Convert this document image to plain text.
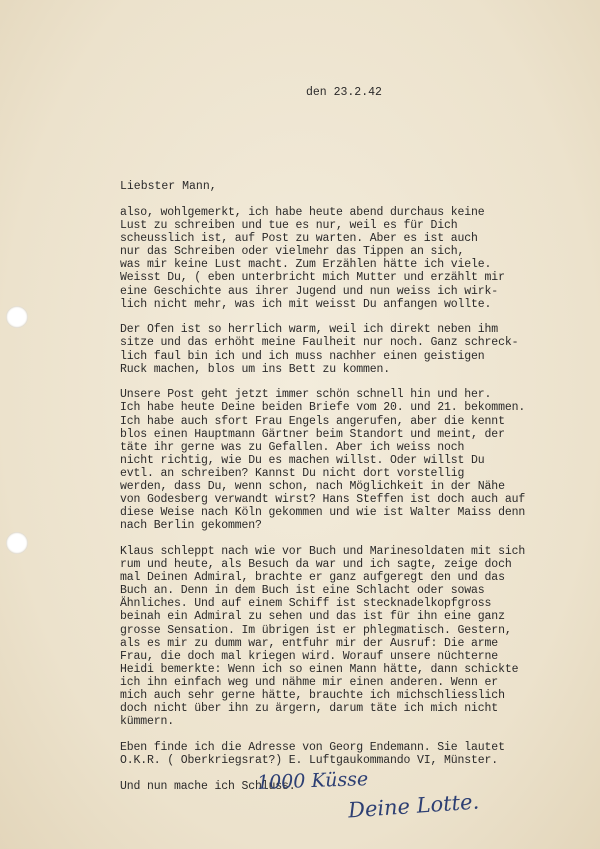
den 23.2.42
Liebster Mann,
also, wohlgemerkt, ich habe heute abend durchaus keine
Lust zu schreiben und tue es nur, weil es für Dich
scheusslich ist, auf Post zu warten. Aber es ist auch
nur das Schreiben oder vielmehr das Tippen an sich,
was mir keine Lust macht. Zum Erzählen hätte ich viele.
Weisst Du, ( eben unterbricht mich Mutter und erzählt mir
eine Geschichte aus ihrer Jugend und nun weiss ich wirk-
lich nicht mehr, was ich mit weisst Du anfangen wollte.
Der Ofen ist so herrlich warm, weil ich direkt neben ihm
sitze und das erhöht meine Faulheit nur noch. Ganz schreck-
lich faul bin ich und ich muss nachher einen geistigen
Ruck machen, blos um ins Bett zu kommen.
Unsere Post geht jetzt immer schön schnell hin und her.
Ich habe heute Deine beiden Briefe vom 20. und 21. bekommen.
Ich habe auch sfort Frau Engels angerufen, aber die kennt
blos einen Hauptmann Gärtner beim Standort und meint, der
täte ihr gerne was zu Gefallen. Aber ich weiss noch
nicht richtig, wie Du es machen willst. Oder willst Du
evtl. an schreiben? Kannst Du nicht dort vorstellig
werden, dass Du, wenn schon, nach Möglichkeit in der Nähe
von Godesberg verwandt wirst? Hans Steffen ist doch auch auf
diese Weise nach Köln gekommen und wie ist Walter Maiss denn
nach Berlin gekommen?
Klaus schleppt nach wie vor Buch und Marinesoldaten mit sich
rum und heute, als Besuch da war und ich sagte, zeige doch
mal Deinen Admiral, brachte er ganz aufgeregt den und das
Buch an. Denn in dem Buch ist eine Schlacht oder sowas
Ähnliches. Und auf einem Schiff ist stecknadelkopfgross
beinah ein Admiral zu sehen und das ist für ihn eine ganz
grosse Sensation. Im übrigen ist er phlegmatisch. Gestern,
als es mir zu dumm war, entfuhr mir der Ausruf: Die arme
Frau, die doch mal kriegen wird. Worauf unsere nüchterne
Heidi bemerkte: Wenn ich so einen Mann hätte, dann schickte
ich ihn einfach weg und nähme mir einen anderen. Wenn er
mich auch sehr gerne hätte, brauchte ich michschliesslich
doch nicht über ihn zu ärgern, darum täte ich mich nicht
kümmern.
Eben finde ich die Adresse von Georg Endemann. Sie lautet
O.K.R. ( Oberkriegsrat?) E. Luftgaukommando VI, Münster.
Und nun mache ich Schluss.
1000 Küsse
Deine Lotte.
